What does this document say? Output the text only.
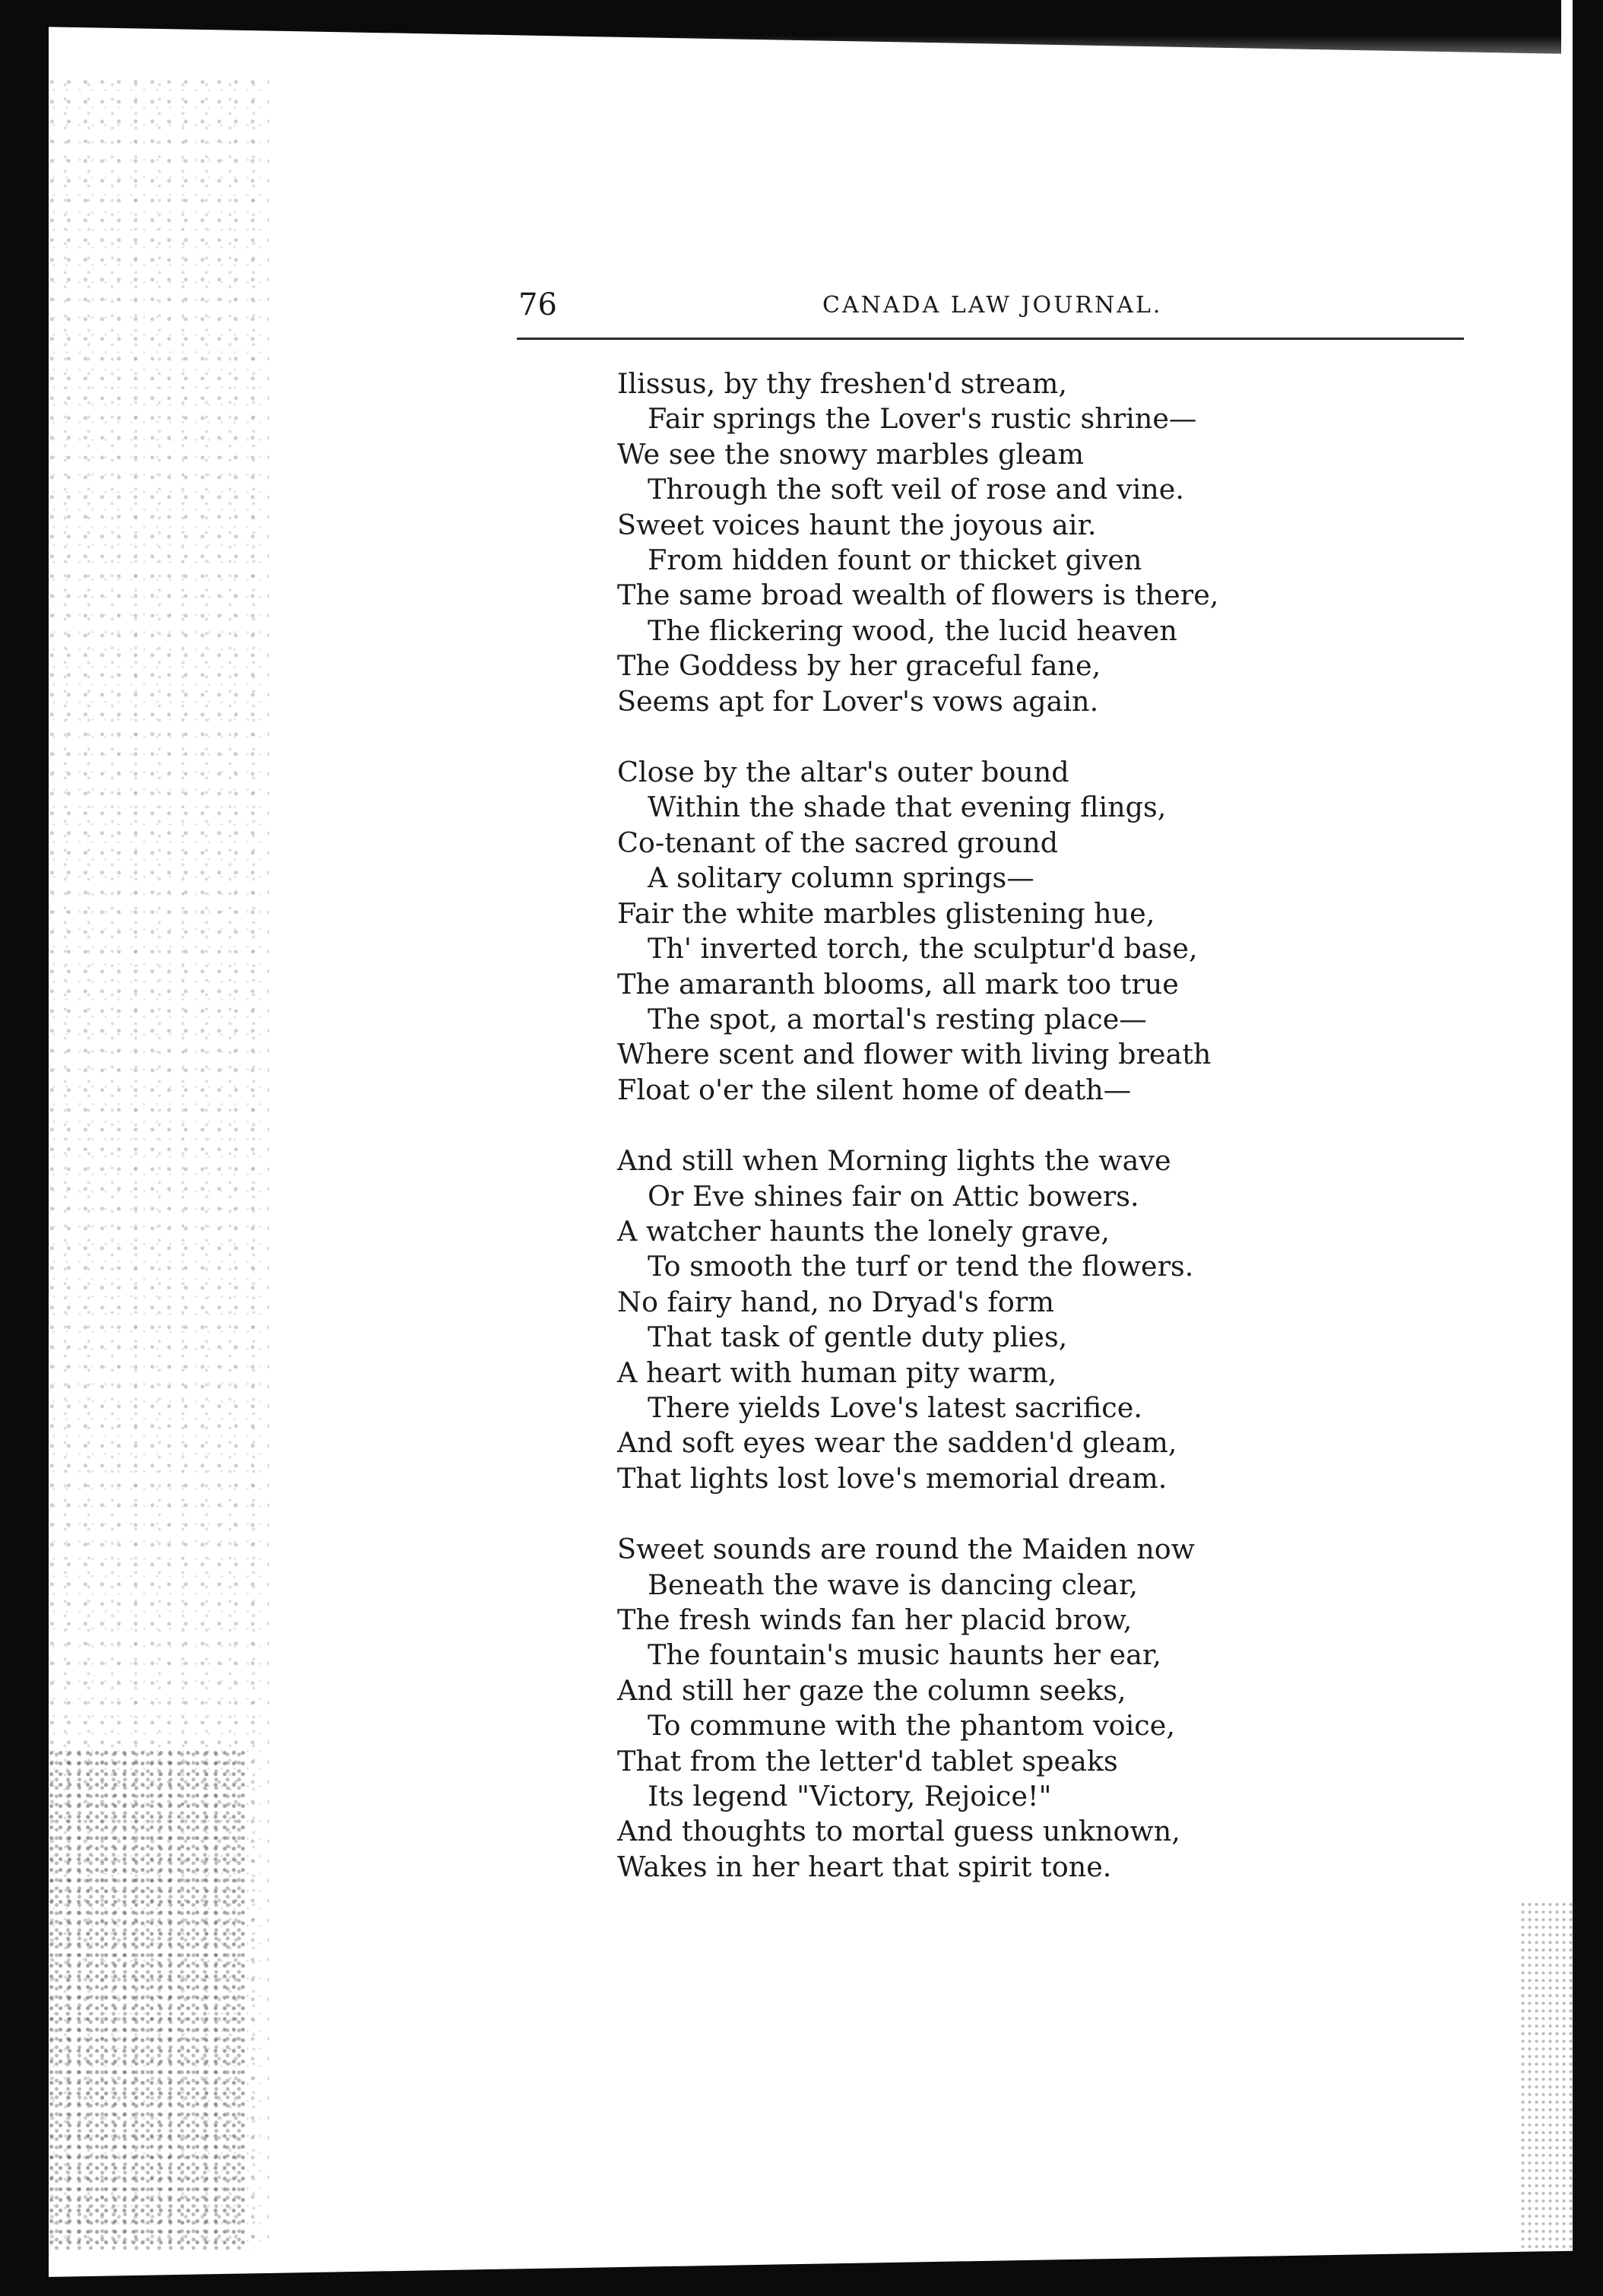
76	CANADA LAW JOURNAL.
Ilissus, by thy freshen'd stream,
Fair springs the Lover's rustic shrine—
We see the snowy marbles gleam
Through the soft veil of rose and vine.
Sweet voices haunt the joyous air.
From hidden fount or thicket given
The same broad wealth of flowers is there,
The flickering wood, the lucid heaven
The Goddess by her graceful fane,
Seems apt for Lover's vows again.
Close by the altar's outer bound
Within the shade that evening flings,
Co-tenant of the sacred ground
A solitary column springs—
Fair the white marbles glistening hue,
Th' inverted torch, the sculptur'd base,
The amaranth blooms, all mark too true
The spot, a mortal's resting place—
Where scent and flower with living breath
Float o'er the silent home of death—
And still when Morning lights the wave
Or Eve shines fair on Attic bowers.
A watcher haunts the lonely grave,
To smooth the turf or tend the flowers.
No fairy hand, no Dryad's form
That task of gentle duty plies,
A heart with human pity warm,
There yields Love's latest sacrifice.
And soft eyes wear the sadden'd gleam,
That lights lost love's memorial dream.
Sweet sounds are round the Maiden now
Beneath the wave is dancing clear,
The fresh winds fan her placid brow,
The fountain's music haunts her ear,
And still her gaze the column seeks,
To commune with the phantom voice,
That from the letter'd tablet speaks
Its legend "Victory, Rejoice!"
And thoughts to mortal guess unknown,
Wakes in her heart that spirit tone.
